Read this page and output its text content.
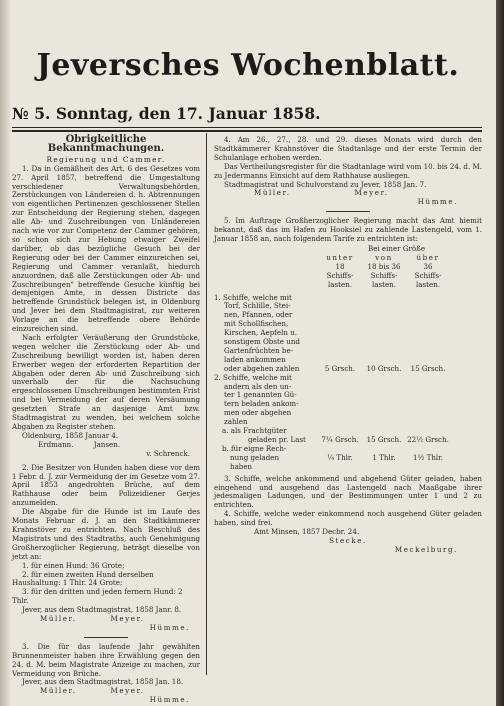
Jeversches Wochenblatt.
№ 5. Sonntag, den 17. Januar 1858.
Obrigkeitliche Bekanntmachungen.
Regierung und Cammer.

1. Da in Gemäßheit des Art. 6 des Gesetzes vom 27. April 1857, betreffend die Umgestaltung verschiedener Verwaltungsbehörden, Zerstückungen von Ländereien d. h. Abtrennungen von eigentlichen Pertinenzen geschlossener Stellen zur Entscheidung der Regierung stehen, dagegen alle Ab- und Zuschreibungen von Unländereien nach wie vor zur Competenz der Cammer gehören, so schon sich zur Hebung etwaiger Zweifel darüber, ob das bezügliche Gesuch bei der Regierung oder bei der Cammer einzureichen sei, Regierung und Cammer veranlaßt, hiedurch anzuordnen, daß alle Zerstückungen oder Ab- und Zuschreibungen" betreffende Gesuche künftig bei demjenigen Amte, in dessen Districte das betreffende Grundstück belegen ist, in Oldenburg und Jever bei dem Stadtmagistrat, zur weiteren Vorlage an die betreffende obere Behörde einzureichen sind.

Nach erfolgter Veräußerung der Grundstücke, wegen welcher die Zerstückung oder Ab- und Zuschreibung bewilligt worden ist, haben deren Erwerber wegen der erforderten Repartition der Abgaben oder deren Ab- und Zuschreibung sich unverhalb der für die Nachsuchung ergeschlossenen Umschreibungen bestimmten Frist und bei Vermeidung der auf deren Versäumung gesetzten Strafe an dasjenige Amt bzw. Stadtmagistrat zu wenden, bei welchem solche Abgaben zu Register stehen.

Oldenburg, 1858 Januar 4.

Erdmann.	Jansen.

v. Schrenck.

2. Die Besitzer von Hunden haben diese vor dem 1 Febr. d. J. zur Vermeidung der im Gesetze vom 27. April 1853 angedrohten Brüche, auf dem Rathhause oder beim Polizeidiener Gerjes anzumelden.

Die Abgabe für die Hunde ist im Laufe des Monats Februar d. J. an den Stadtkämmerer Krahnstöver zu entrichten. Nach Beschluß des Magistrats und des Stadtraths, auch Genehmigung Großherzoglicher Regierung, beträgt dieselbe von jetzt an:

1. für einen Hund: 36 Grote;

2. für einen zweiten Hund derselben Haushaltung: 1 Thlr. 24 Grote;

3. für den dritten und jeden fernern Hund: 2 Thlr.

Jever, aus dem Stadtmagistrat, 1858 Janr. 8.

Müller.	Meyer.

Hümme.

3. Die für das laufende Jahr gewählten Brunnenmeister haben ihre Erwählung gegen den 24. d. M. beim Magistrate Anzeige zu machen, zur Vermeidung von Brüche.

Jever, aus dem Stadtmagistrat, 1858 Jan. 18.

Müller.	Meyer.

Hümme.

4. Am 26., 27., 28. und 29. dieses Monats wird durch den Stadtkämmerer Krahnstöver die Stadtanlage und der erste Termin der Schulanlage erhoben werden.

Das Vertheilungsregister für die Stadtanlage wird vom 10. bis 24. d. M. zu Jedermanns Einsicht auf dem Rathhause ausliegen.

Stadtmagistrat und Schulvorstand zu Jever, 1858 Jan. 7.

Müller.	Meyer.

Hümme.

5. Im Auftrage Großherzoglicher Regierung macht das Amt hiemit bekannt, daß das im Hafen zu Hooksiel zu zahlende Lastengeld, vom 1. Januar 1858 an, nach folgendem Tarife zu entrichten ist:

Bei einer Größe

unter	von	über
18	18 bis 36	36
Schiffs-	Schiffs-	Schiffs-
lasten.	lasten.	lasten.
1. Schiffe, welche mit
Torf, Schlille, Stei-
nen, Pfannen, oder
mit Schollfischen,
Kirschen, Aepfeln u.
sonstigem Obste und
Gartenfrüchten be-
laden ankommen
oder abgehen zahlen	5 Grsch.	10 Grsch.	15 Grsch.
2. Schiffe, welche mit
andern als den un-
ter 1 genannten Gü-
tern beladen ankom-
men oder abgehen
zahlen
a. als Frachtgüter
geladen pr. Last	7¼ Grsch.	15 Grsch. 22½ Grsch.
b. für eigne Rech-
nung geladen
haben
¼ Thlr.	1 Thlr.	1½ Thlr.

3. Schiffe, welche ankommend und abgehend Güter geladen, haben eingehend und ausgehend das Lastengeld nach Maaßgabe ihrer jedesmaligen Ladungen, und der Bestimmungen unter 1 und 2 zu entrichten.

4. Schiffe, welche weder einkommend noch ausgehend Güter geladen haben, sind frei.

Amt Minsen, 1857 Decbr. 24.

Stecke.

Meckelburg.
